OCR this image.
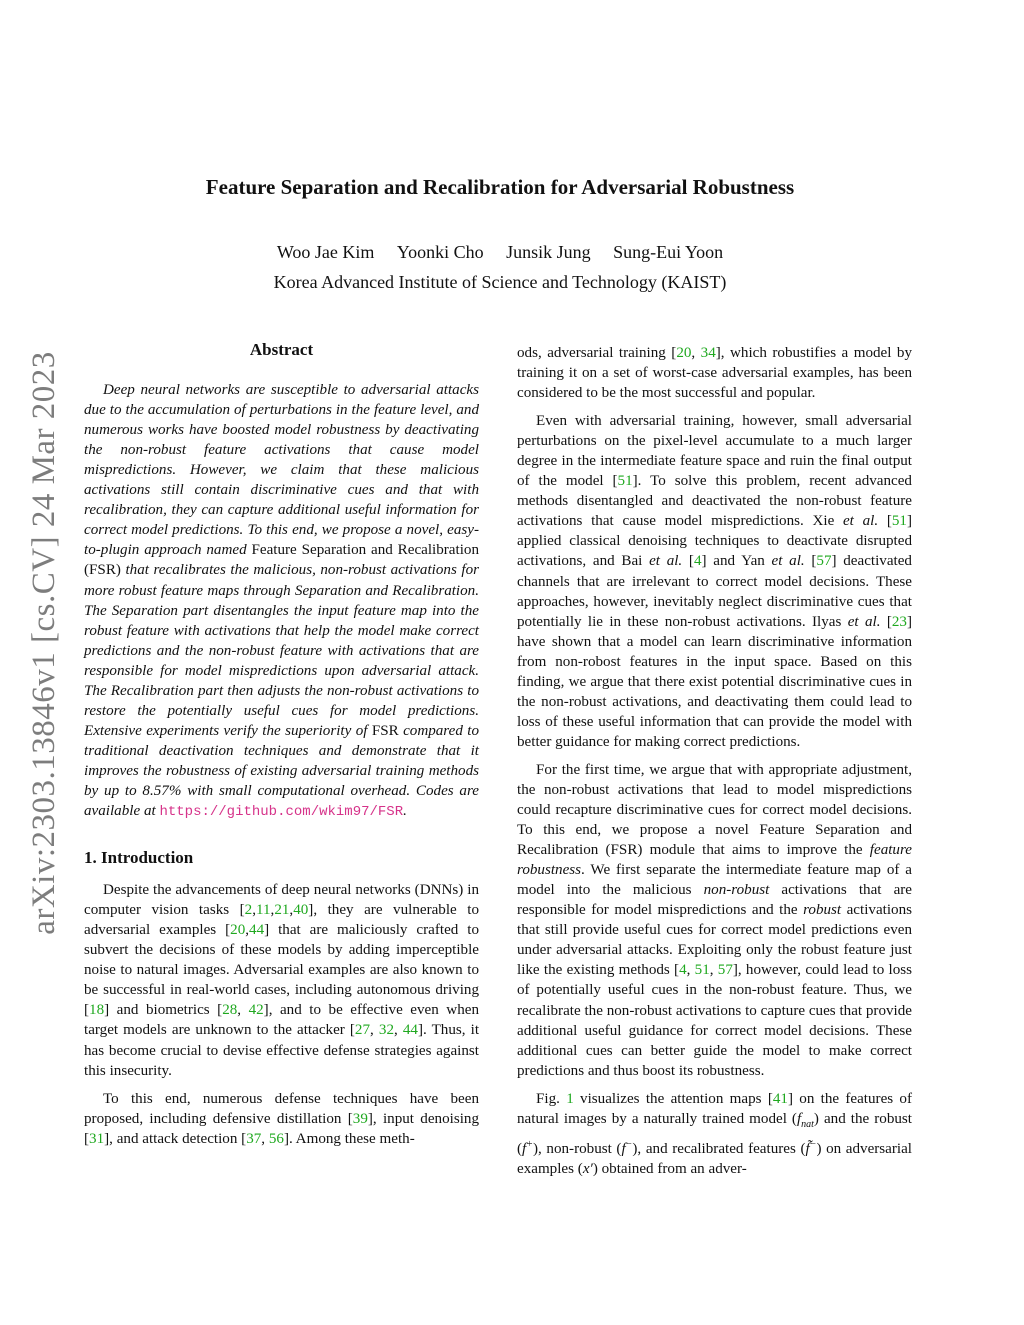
arXiv:2303.13846v1 [cs.CV] 24 Mar 2023
Feature Separation and Recalibration for Adversarial Robustness
Woo Jae Kim Yoonki Cho Junsik Jung Sung-Eui Yoon
Korea Advanced Institute of Science and Technology (KAIST)
Abstract

Deep neural networks are susceptible to adversarial attacks due to the accumulation of perturbations in the feature level, and numerous works have boosted model robustness by deactivating the non-robust feature activations that cause model mispredictions. However, we claim that these malicious activations still contain discriminative cues and that with recalibration, they can capture additional useful information for correct model predictions. To this end, we propose a novel, easy-to-plugin approach named Feature Separation and Recalibration (FSR) that recalibrates the malicious, non-robust activations for more robust feature maps through Separation and Recalibration. The Separation part disentangles the input feature map into the robust feature with activations that help the model make correct predictions and the non-robust feature with activations that are responsible for model mispredictions upon adversarial attack. The Recalibration part then adjusts the non-robust activations to restore the potentially useful cues for model predictions. Extensive experiments verify the superiority of FSR compared to traditional deactivation techniques and demonstrate that it improves the robustness of existing adversarial training methods by up to 8.57% with small computational overhead. Codes are available at https://github.com/wkim97/FSR.

1. Introduction

Despite the advancements of deep neural networks (DNNs) in computer vision tasks [2,11,21,40], they are vulnerable to adversarial examples [20,44] that are maliciously crafted to subvert the decisions of these models by adding imperceptible noise to natural images. Adversarial examples are also known to be successful in real-world cases, including autonomous driving [18] and biometrics [28, 42], and to be effective even when target models are unknown to the attacker [27, 32, 44]. Thus, it has become crucial to devise effective defense strategies against this insecurity.

To this end, numerous defense techniques have been proposed, including defensive distillation [39], input denoising [31], and attack detection [37, 56]. Among these meth-

ods, adversarial training [20, 34], which robustifies a model by training it on a set of worst-case adversarial examples, has been considered to be the most successful and popular.

Even with adversarial training, however, small adversarial perturbations on the pixel-level accumulate to a much larger degree in the intermediate feature space and ruin the final output of the model [51]. To solve this problem, recent advanced methods disentangled and deactivated the non-robust feature activations that cause model mispredictions. Xie et al. [51] applied classical denoising techniques to deactivate disrupted activations, and Bai et al. [4] and Yan et al. [57] deactivated channels that are irrelevant to correct model decisions. These approaches, however, inevitably neglect discriminative cues that potentially lie in these non-robust activations. Ilyas et al. [23] have shown that a model can learn discriminative information from non-robost features in the input space. Based on this finding, we argue that there exist potential discriminative cues in the non-robust activations, and deactivating them could lead to loss of these useful information that can provide the model with better guidance for making correct predictions.

For the first time, we argue that with appropriate adjustment, the non-robust activations that lead to model mispredictions could recapture discriminative cues for correct model decisions. To this end, we propose a novel Feature Separation and Recalibration (FSR) module that aims to improve the feature robustness. We first separate the intermediate feature map of a model into the malicious non-robust activations that are responsible for model mispredictions and the robust activations that still provide useful cues for correct model predictions even under adversarial attacks. Exploiting only the robust feature just like the existing methods [4, 51, 57], however, could lead to loss of potentially useful cues in the non-robust feature. Thus, we recalibrate the non-robust activations to capture cues that provide additional useful guidance for correct model decisions. These additional cues can better guide the model to make correct predictions and thus boost its robustness.

Fig. 1 visualizes the attention maps [41] on the features of natural images by a naturally trained model $(f_{nat})$ and the robust (f+), non-robust (f−), and recalibrated features (f̃−) on adversarial examples (x′) obtained from an adver-
